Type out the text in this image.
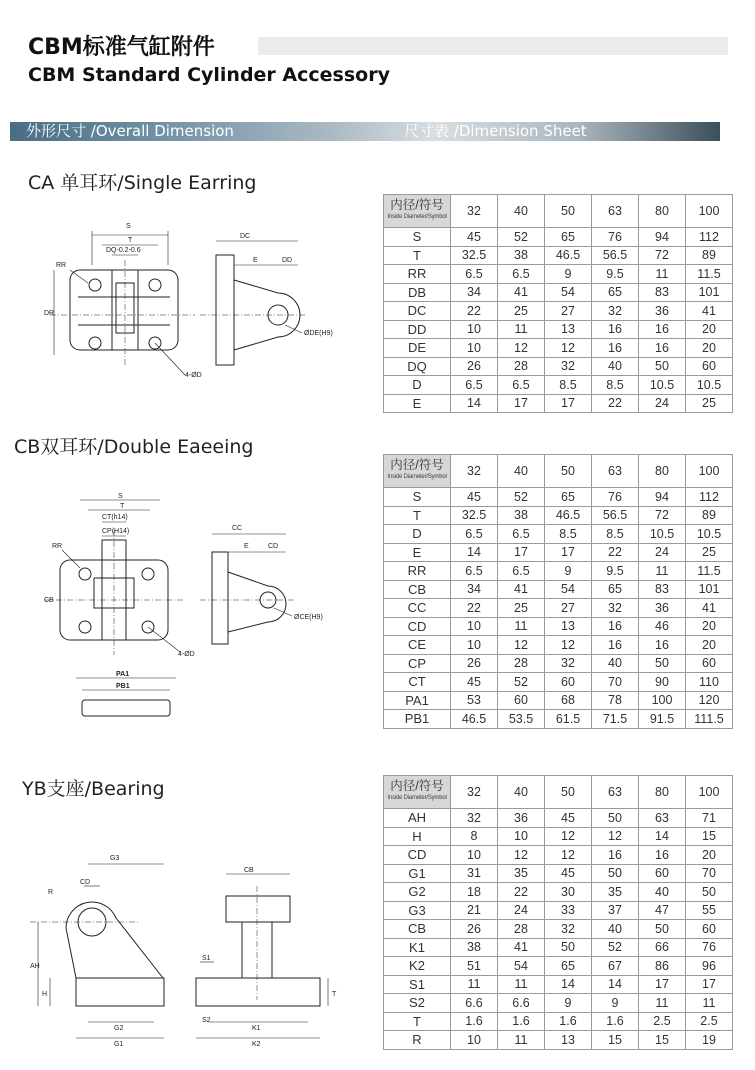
CBM标准气缸附件
CBM Standard Cylinder Accessory
外形尺寸 /Overall Dimension	尺寸表 /Dimension Sheet
CA 单耳环/Single Earring
CB双耳环/Double Eaeeing
YB支座/Bearing
内径/符号
Inside Diameter/Symbol	32	40	50	63	80	100
S	45	52	65	76	94	112
T	32.5	38	46.5	56.5	72	89
RR	6.5	6.5	9	9.5	11	11.5
DB	34	41	54	65	83	101
DC	22	25	27	32	36	41
DD	10	11	13	16	16	20
DE	10	12	12	16	16	20
DQ	26	28	32	40	50	60
D	6.5	6.5	8.5	8.5	10.5	10.5
E	14	17	17	22	24	25
内径/符号
Inside Diameter/Symbol	32	40	50	63	80	100
S	45	52	65	76	94	112
T	32.5	38	46.5	56.5	72	89
D	6.5	6.5	8.5	8.5	10.5	10.5
E	14	17	17	22	24	25
RR	6.5	6.5	9	9.5	11	11.5
CB	34	41	54	65	83	101
CC	22	25	27	32	36	41
CD	10	11	13	16	46	20
CE	10	12	12	16	16	20
CP	26	28	32	40	50	60
CT	45	52	60	70	90	110
PA1	53	60	68	78	100	120
PB1	46.5	53.5	61.5	71.5	91.5	111.5
内径/符号
Inside Diameter/Symbol	32	40	50	63	80	100
AH	32	36	45	50	63	71
H	8	10	12	12	14	15
CD	10	12	12	16	16	20
G1	31	35	45	50	60	70
G2	18	22	30	35	40	50
G3	21	24	33	37	47	55
CB	26	28	32	40	50	60
K1	38	41	50	52	66	76
K2	51	54	65	67	86	96
S1	11	11	14	14	17	17
S2	6.6	6.6	9	9	11	11
T	1.6	1.6	1.6	1.6	2.5	2.5
R	10	11	13	15	15	19
S
T
DQ-0.2-0.6
RR
DR
DC
E	DD
ØDE(H9)
4-ØD
S
T
CT(h14)
CP(H14)
RR
CB
CC
E	CD
ØCE(H9)
4-ØD
PA1
PB1
G3
CD
R
AH
H
G2
G1
CB
S1
S2
K1
K2
T
